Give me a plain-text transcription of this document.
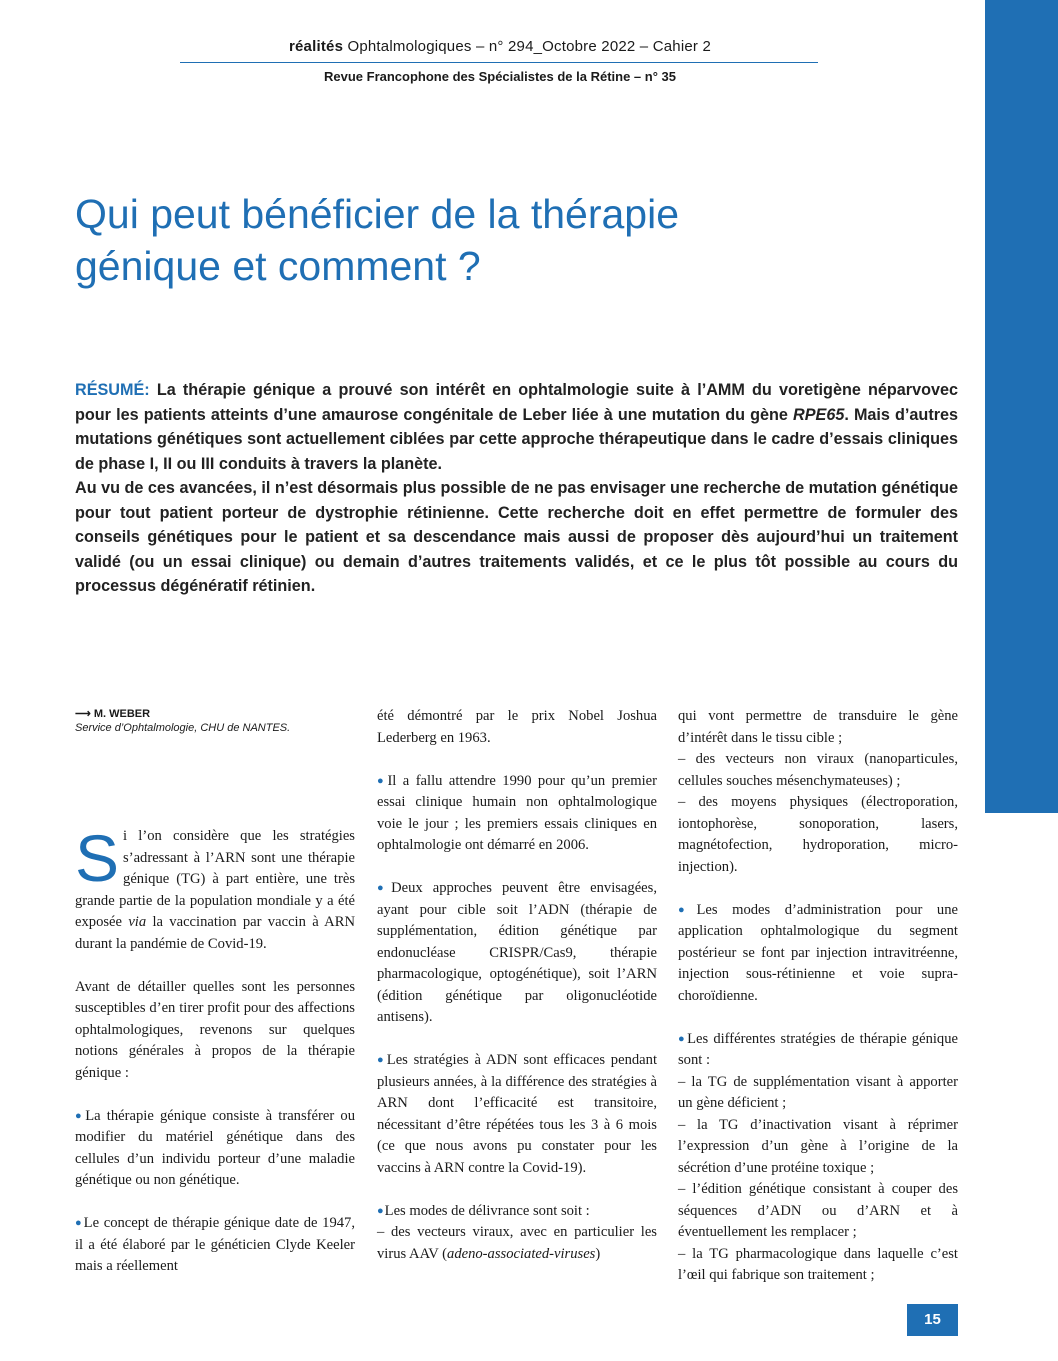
réalités Ophtalmologiques – n° 294_Octobre 2022 – Cahier 2
Revue Francophone des Spécialistes de la Rétine – n° 35
Qui peut bénéficier de la thérapie
génique et comment ?

RÉSUMÉ: La thérapie génique a prouvé son intérêt en ophtalmologie suite à l’AMM du voretigène néparvovec pour les patients atteints d’une amaurose congénitale de Leber liée à une mutation du gène RPE65. Mais d’autres mutations génétiques sont actuellement ciblées par cette approche thérapeutique dans le cadre d’essais cliniques de phase I, II ou III conduits à travers la planète.

Au vu de ces avancées, il n’est désormais plus possible de ne pas envisager une recherche de mutation génétique pour tout patient porteur de dystrophie rétinienne. Cette recherche doit en effet permettre de formuler des conseils génétiques pour le patient et sa descendance mais aussi de proposer dès aujourd’hui un traitement validé (ou un essai clinique) ou demain d’autres traitements validés, et ce le plus tôt possible au cours du processus dégénératif rétinien.

⟶ M. WEBER
Service d’Ophtalmologie, CHU de NANTES.

Si l’on considère que les stratégies s’adressant à l’ARN sont une thérapie génique (TG) à part entière, une très grande partie de la population mondiale y a été exposée via la vaccination par vaccin à ARN durant la pandémie de Covid-19.

Avant de détailler quelles sont les personnes susceptibles d’en tirer profit pour des affections ophtalmologiques, revenons sur quelques notions générales à propos de la thérapie génique :

●La thérapie génique consiste à transférer ou modifier du matériel génétique dans des cellules d’un individu porteur d’une maladie génétique ou non génétique.

●Le concept de thérapie génique date de 1947, il a été élaboré par le généticien Clyde Keeler mais a réellement

été démontré par le prix Nobel Joshua Lederberg en 1963.

●Il a fallu attendre 1990 pour qu’un premier essai clinique humain non ophtalmologique voie le jour ; les premiers essais cliniques en ophtalmologie ont démarré en 2006.

●Deux approches peuvent être envisagées, ayant pour cible soit l’ADN (thérapie de supplémentation, édition génétique par endonucléase CRISPR/Cas9, thérapie pharmacologique, optogénétique), soit l’ARN (édition génétique par oligonucléotide antisens).

●Les stratégies à ADN sont efficaces pendant plusieurs années, à la différence des stratégies à ARN dont l’efficacité est transitoire, nécessitant d’être répétées tous les 3 à 6 mois (ce que nous avons pu constater pour les vaccins à ARN contre la Covid-19).

●Les modes de délivrance sont soit :
– des vecteurs viraux, avec en particulier les virus AAV (adeno-associated-viruses)

qui vont permettre de transduire le gène d’intérêt dans le tissu cible ;
– des vecteurs non viraux (nanoparticules, cellules souches mésenchymateuses) ;
– des moyens physiques (électroporation, iontophorèse, sonoporation, lasers, magnétofection, hydroporation, micro-injection).

●Les modes d’administration pour une application ophtalmologique du segment postérieur se font par injection intravitréenne, injection sous-rétinienne et voie supra-choroïdienne.

●Les différentes stratégies de thérapie génique sont :
– la TG de supplémentation visant à apporter un gène déficient ;
– la TG d’inactivation visant à réprimer l’expression d’un gène à l’origine de la sécrétion d’une protéine toxique ;
– l’édition génétique consistant à couper des séquences d’ADN ou d’ARN et à éventuellement les remplacer ;
– la TG pharmacologique dans laquelle c’est l’œil qui fabrique son traitement ;

15
